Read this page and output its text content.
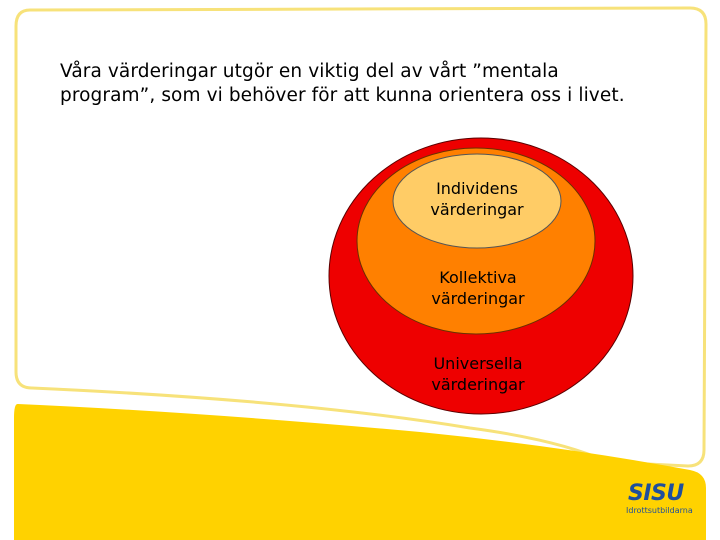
Våra värderingar utgör en viktig del av vårt ”mentala
program”, som vi behöver för att kunna orientera oss i livet.
Individens
värderingar
Kollektiva
värderingar
Universella
värderingar
SISU
Idrottsutbildarna
